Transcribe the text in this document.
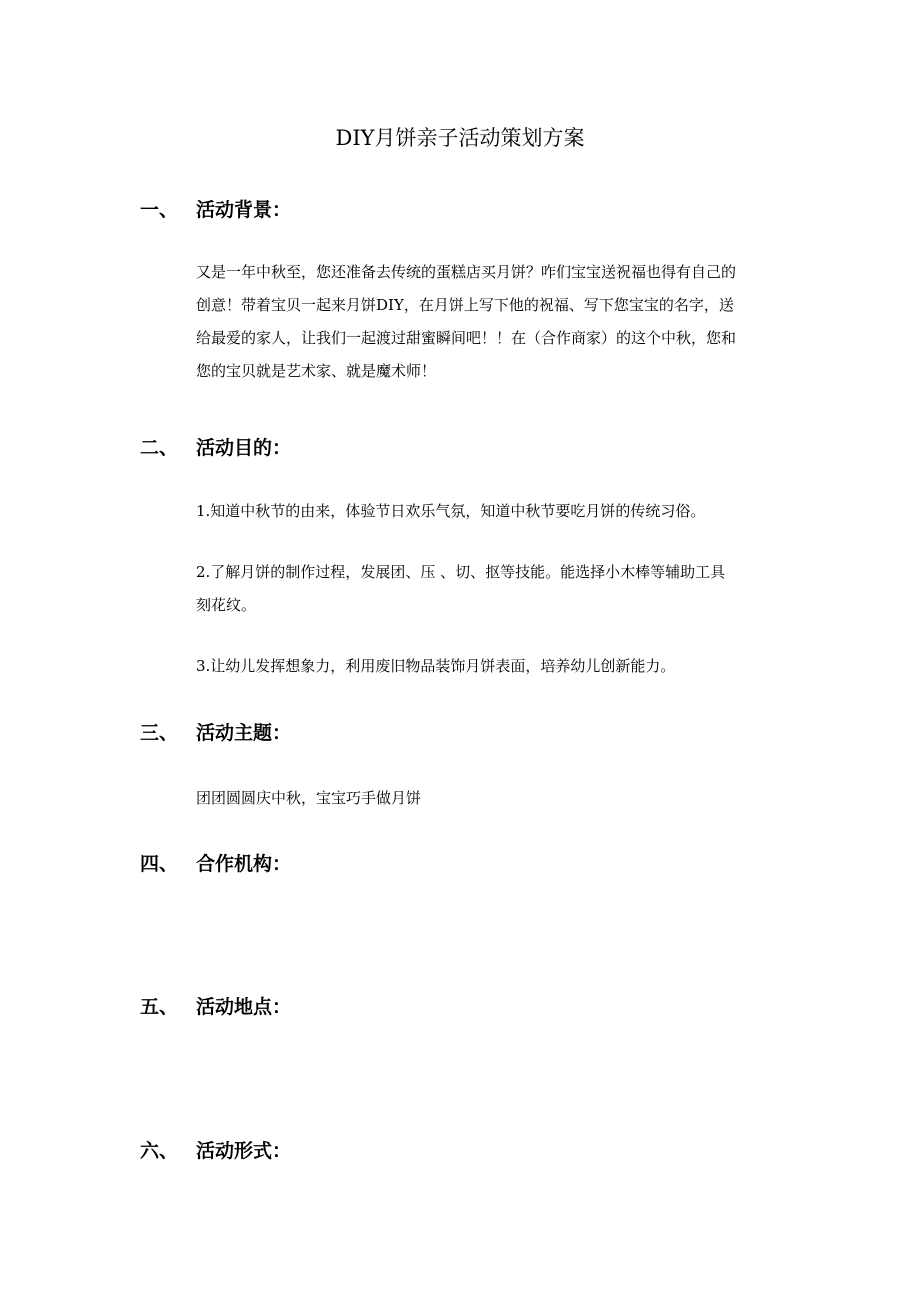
DIY月饼亲子活动策划方案
一、 活动背景：
又是一年中秋至，您还准备去传统的蛋糕店买月饼？咋们宝宝送祝福也得有自己的
创意！带着宝贝一起来月饼DIY，在月饼上写下他的祝福、写下您宝宝的名字，送
给最爱的家人，让我们一起渡过甜蜜瞬间吧！！在（合作商家）的这个中秋，您和
您的宝贝就是艺术家、就是魔术师！
二、 活动目的：
1.知道中秋节的由来，体验节日欢乐气氛，知道中秋节要吃月饼的传统习俗。
2.了解月饼的制作过程，发展团、压 、切、抠等技能。能选择小木棒等辅助工具
刻花纹。
3.让幼儿发挥想象力，利用废旧物品装饰月饼表面，培养幼儿创新能力。
三、 活动主题：
团团圆圆庆中秋，宝宝巧手做月饼
四、 合作机构：
五、 活动地点：
六、 活动形式：
